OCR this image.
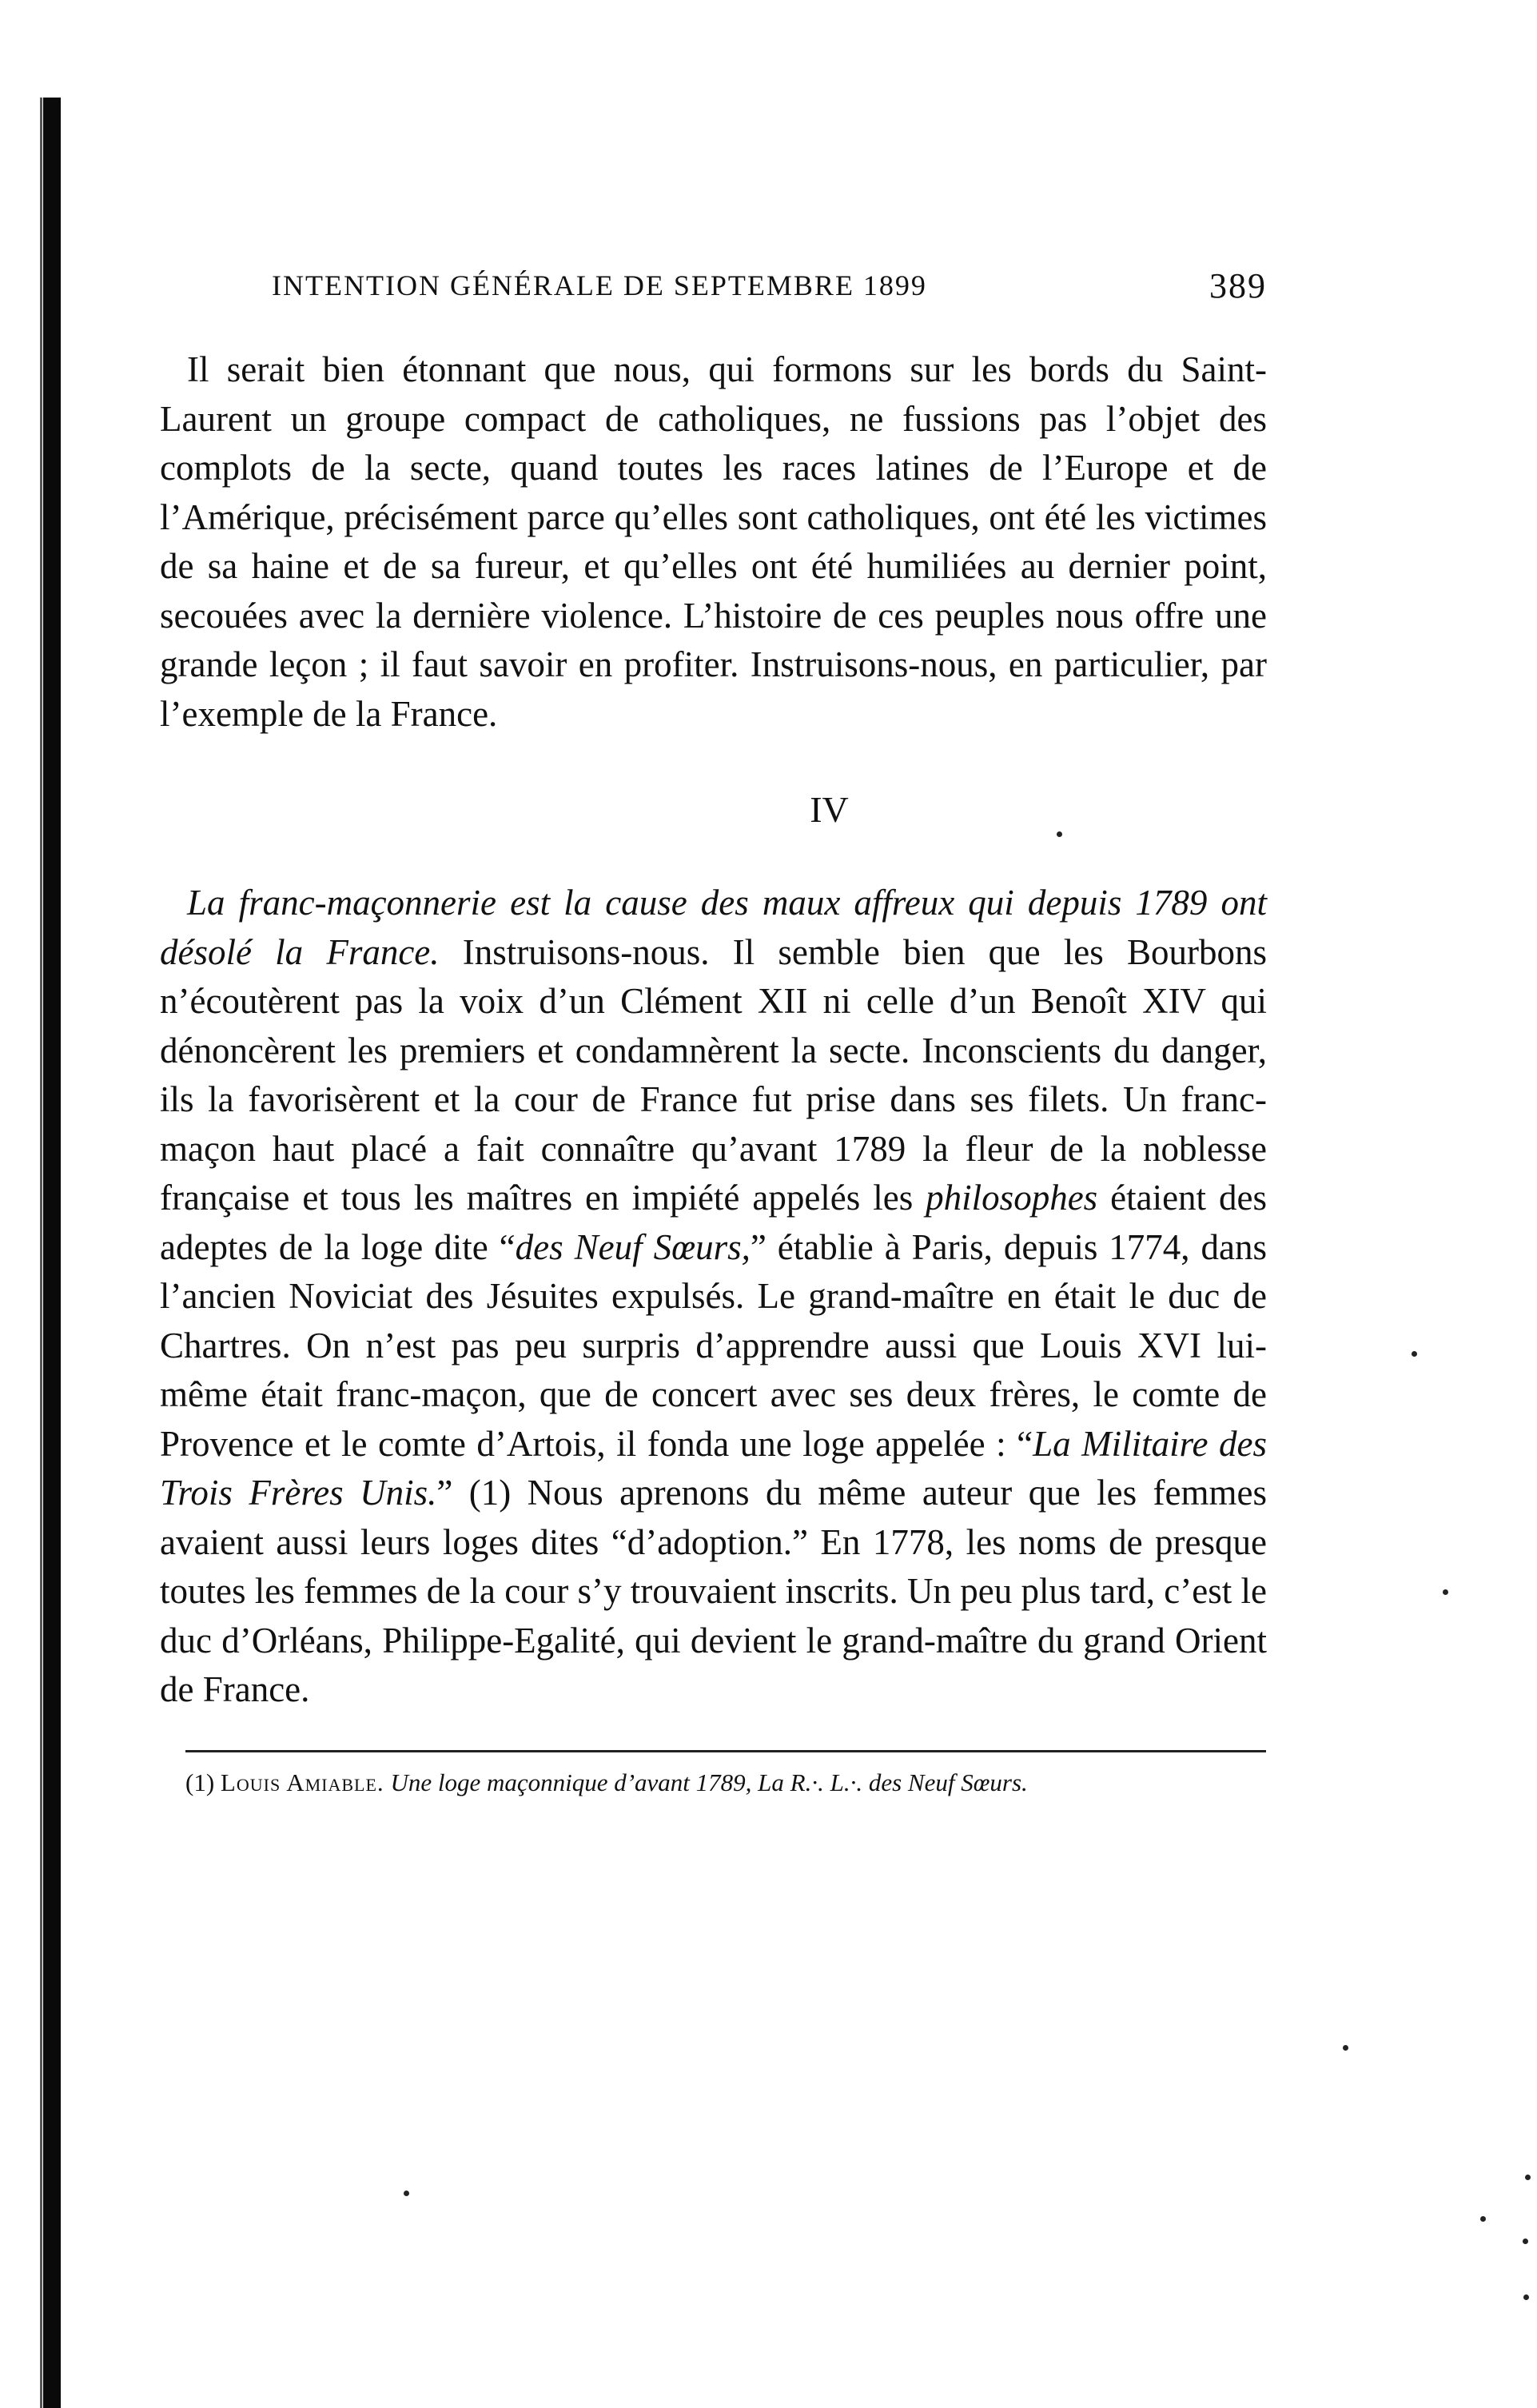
INTENTION GÉNÉRALE DE SEPTEMBRE 1899	389

Il serait bien étonnant que nous, qui formons sur les bords du Saint-Laurent un groupe compact de catholiques, ne fussions pas l’objet des complots de la secte, quand toutes les races latines de l’Europe et de l’Amérique, précisément parce qu’elles sont catholiques, ont été les victimes de sa haine et de sa fureur, et qu’elles ont été humiliées au dernier point, secouées avec la dernière violence. L’histoire de ces peuples nous offre une grande leçon ; il faut savoir en profiter. Instruisons-nous, en particulier, par l’exemple de la France.

IV

La franc-maçonnerie est la cause des maux affreux qui depuis 1789 ont désolé la France. Instruisons-nous. Il semble bien que les Bourbons n’écoutèrent pas la voix d’un Clément XII ni celle d’un Benoît XIV qui dénoncèrent les premiers et condamnèrent la secte. Inconscients du danger, ils la favorisèrent et la cour de France fut prise dans ses filets. Un franc-maçon haut placé a fait connaître qu’avant 1789 la fleur de la noblesse française et tous les maîtres en impiété appelés les philosophes étaient des adeptes de la loge dite “des Neuf Sœurs,” établie à Paris, depuis 1774, dans l’ancien Noviciat des Jésuites expulsés. Le grand-maître en était le duc de Chartres. On n’est pas peu surpris d’apprendre aussi que Louis XVI lui-même était franc-maçon, que de concert avec ses deux frères, le comte de Provence et le comte d’Artois, il fonda une loge appelée : “La Militaire des Trois Frères Unis.” (1) Nous aprenons du même auteur que les femmes avaient aussi leurs loges dites “d’adoption.” En 1778, les noms de presque toutes les femmes de la cour s’y trouvaient inscrits. Un peu plus tard, c’est le duc d’Orléans, Philippe-Egalité, qui devient le grand-maître du grand Orient de France.

(1) Louis Amiable. Une loge maçonnique d’avant 1789, La R.·. L.·. des Neuf Sœurs.
